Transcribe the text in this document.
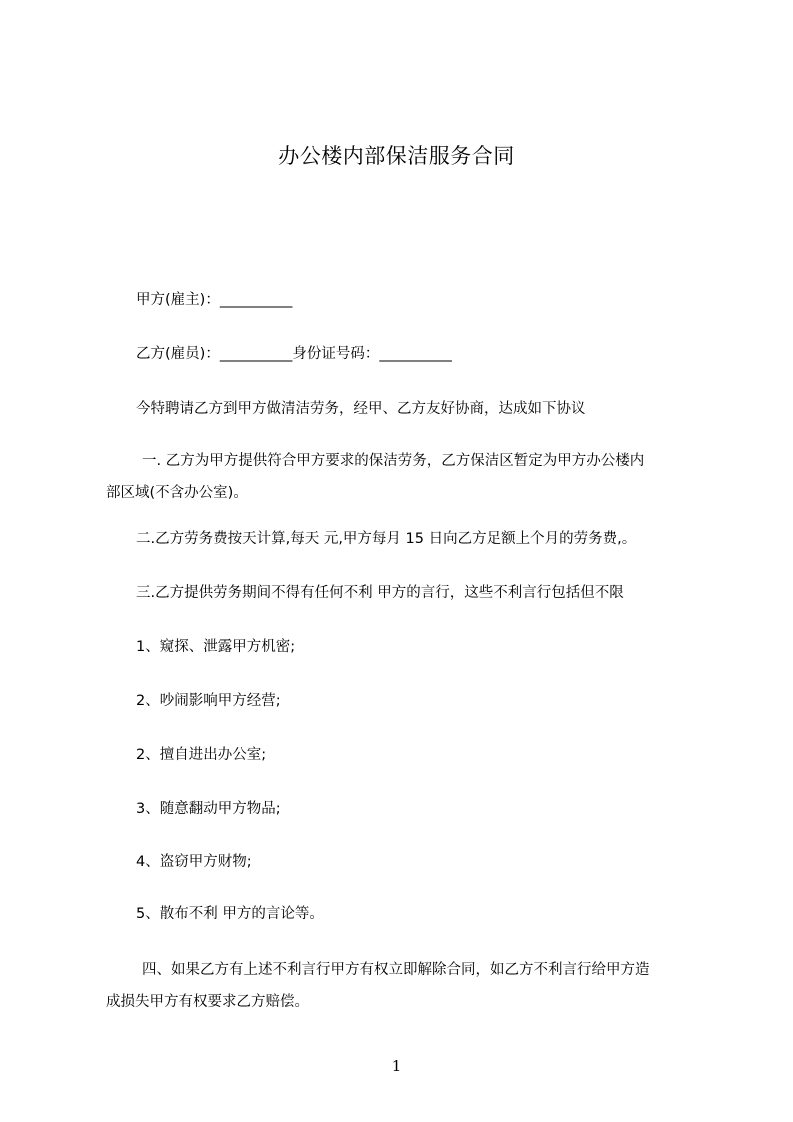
办公楼内部保洁服务合同
甲方(雇主)：__________
乙方(雇员)：__________身份证号码：__________
今特聘请乙方到甲方做清洁劳务，经甲、乙方友好协商，达成如下协议
一. 乙方为甲方提供符合甲方要求的保洁劳务，乙方保洁区暂定为甲方办公楼内
部区域(不含办公室)。
二.乙方劳务费按天计算,每天 元,甲方每月 15 日向乙方足额上个月的劳务费,。
三.乙方提供劳务期间不得有任何不利 甲方的言行，这些不利言行包括但不限
1、窥探、泄露甲方机密;
2、吵闹影响甲方经营;
2、擅自进出办公室;
3、随意翻动甲方物品;
4、盗窃甲方财物;
5、散布不利 甲方的言论等。
四、如果乙方有上述不利言行甲方有权立即解除合同，如乙方不利言行给甲方造
成损失甲方有权要求乙方赔偿。
1
